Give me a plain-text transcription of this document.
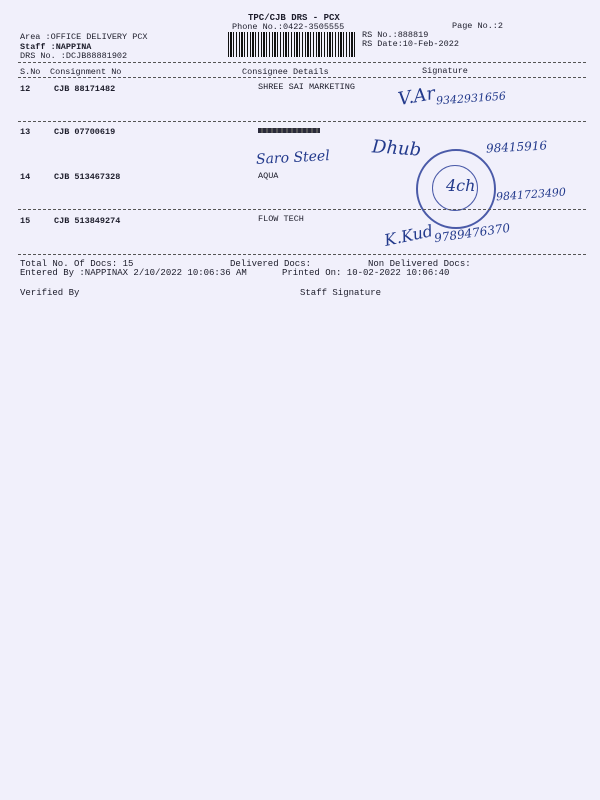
TPC/CJB DRS - PCX
Phone No.:0422-3505555	Page No.:2
Area :OFFICE DELIVERY PCX
Staff :NAPPINA
DRS No. :DCJB88881902
RS No.:888819
RS Date:10-Feb-2022
S.No Consignment No	Consignee Details	Signature
12	CJB 88171482	SHREE SAI MARKETING V.Ar
9342931656
13	CJB 07700619
Saro Steel Dhub	98415916
14	CJB 513467328	AQUA	4ch 9841723490
15	CJB 513849274	FLOW TECH
K.Kud
9789476370
Total No. Of Docs: 15	Delivered Docs:	Non Delivered Docs:
Entered By :NAPPINAX 2/10/2022 10:06:36 AM	Printed On: 10-02-2022 10:06:40
Verified By	Staff Signature
